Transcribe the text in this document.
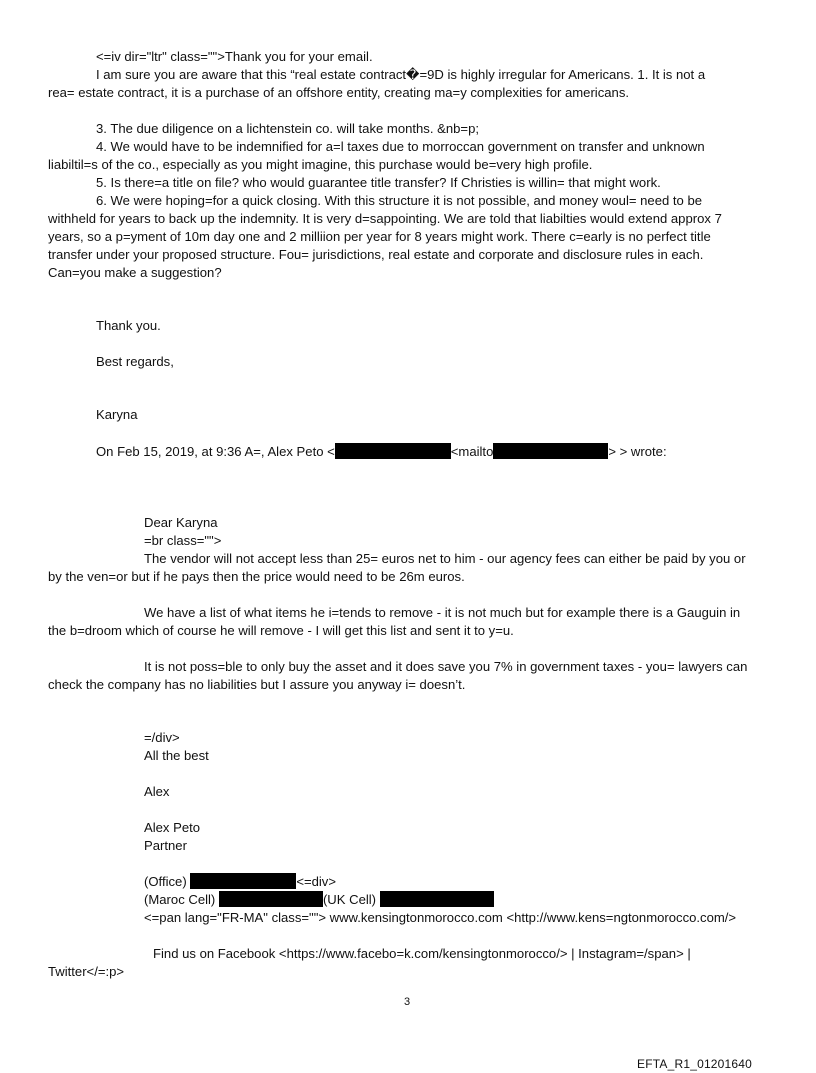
<=iv dir="ltr" class="">Thank you for your email.
I am sure you are aware that this “real estate contract�=9D is highly irregular for Americans. 1. It is not a
rea= estate contract, it is a purchase of an offshore entity, creating ma=y complexities for americans.
3. The due diligence on a lichtenstein co. will take months. &nb=p;
4. We would have to be indemnified for a=l taxes due to morroccan government on transfer and unknown
liabiltil=s of the co., especially as you might imagine, this purchase would be=very high profile.
5. Is there=a title on file? who would guarantee title transfer? If Christies is willin= that might work.
6. We were hoping=for a quick closing. With this structure it is not possible, and money woul= need to be
withheld for years to back up the indemnity. It is very d=sappointing. We are told that liabilties would extend approx 7
years, so a p=yment of 10m day one and 2 milliion per year for 8 years might work. There c=early is no perfect title
transfer under your proposed structure. Fou= jurisdictions, real estate and corporate and disclosure rules in each.
Can=you make a suggestion?
Thank you.
Best regards,
Karyna
On Feb 15, 2019, at 9:36 A=, Alex Peto <	<mailto	> > wrote:
Dear Karyna
=br class="">
The vendor will not accept less than 25= euros net to him - our agency fees can either be paid by you or
by the ven=or but if he pays then the price would need to be 26m euros.
We have a list of what items he i=tends to remove - it is not much but for example there is a Gauguin in
the b=droom which of course he will remove - I will get this list and sent it to y=u.
It is not poss=ble to only buy the asset and it does save you 7% in government taxes - you= lawyers can
check the company has no liabilities but I assure you anyway i= doesn’t.
=/div>
All the best
Alex
Alex Peto
Partner
(Office)	<=div>
(Maroc Cell)	(UK Cell)
<=pan lang="FR-MA" class=""> www.kensingtonmorocco.com <http://www.kens=ngtonmorocco.com/>
Find us on Facebook <https://www.facebo=k.com/kensingtonmorocco/> | Instagram=/span> |
Twitter</=:p>
3
EFTA_R1_01201640
